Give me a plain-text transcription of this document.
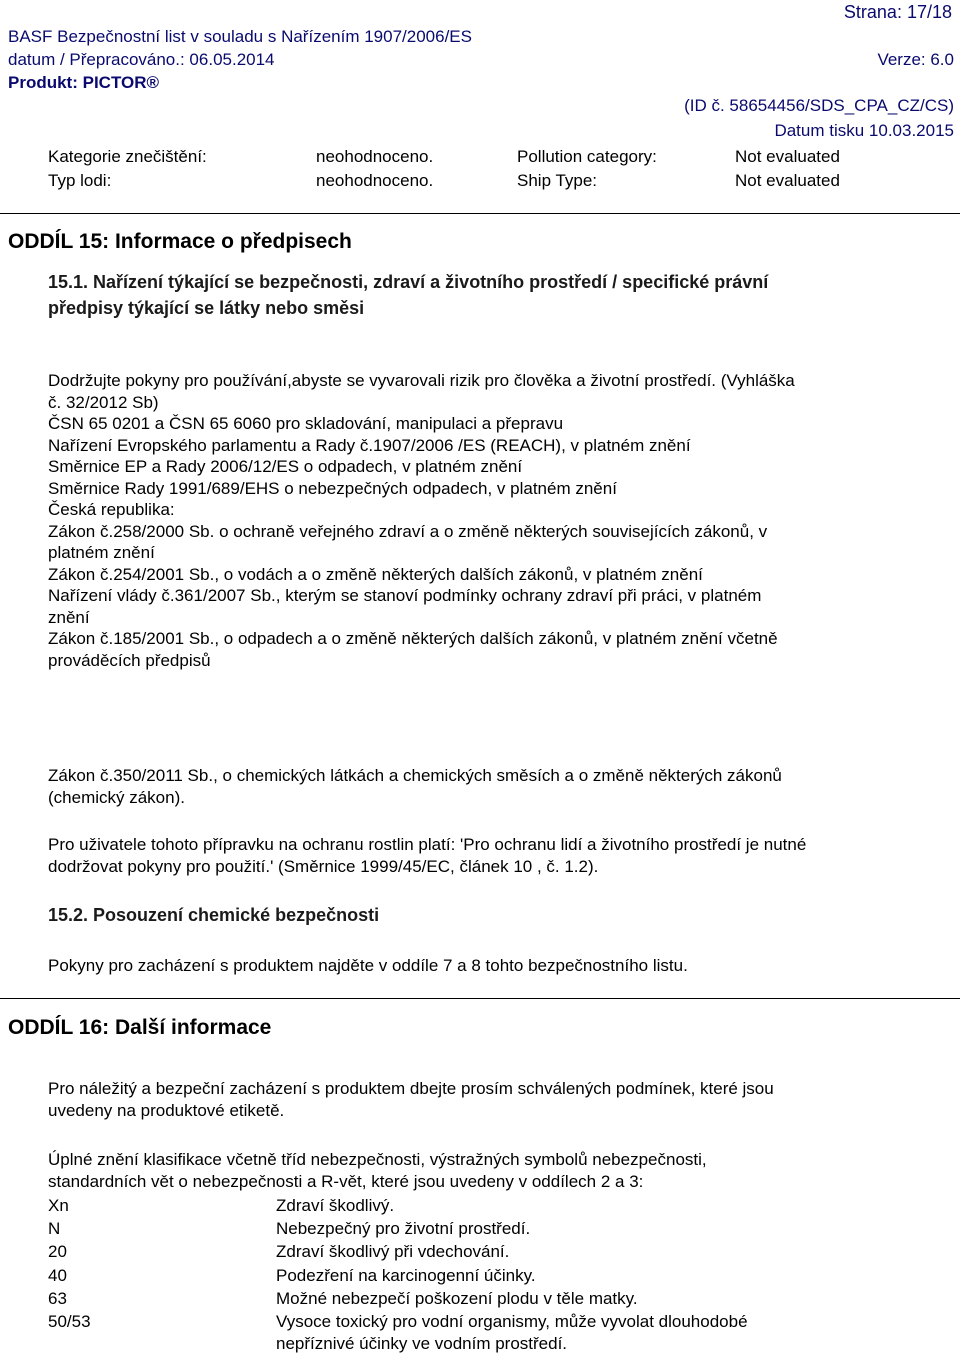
Strana: 17/18
BASF Bezpečnostní list v souladu s Nařízením 1907/2006/ES
datum / Přepracováno.: 06.05.2014	Verze: 6.0
Produkt: PICTOR®
(ID č. 58654456/SDS_CPA_CZ/CS)
Datum tisku 10.03.2015
Kategorie znečištění:	neohodnoceno.	Pollution category:	Not evaluated
Typ lodi:	neohodnoceno.	Ship Type:	Not evaluated
ODDÍL 15: Informace o předpisech
15.1. Nařízení týkající se bezpečnosti, zdraví a životního prostředí / specifické právní
předpisy týkající se látky nebo směsi
Dodržujte pokyny pro používání,abyste se vyvarovali rizik pro člověka a životní prostředí. (Vyhláška
č. 32/2012 Sb)
ČSN 65 0201 a ČSN 65 6060 pro skladování, manipulaci a přepravu
Nařízení Evropského parlamentu a Rady č.1907/2006 /ES (REACH), v platném znění
Směrnice EP a Rady 2006/12/ES o odpadech, v platném znění
Směrnice Rady 1991/689/EHS o nebezpečných odpadech, v platném znění
Česká republika:
Zákon č.258/2000 Sb. o ochraně veřejného zdraví a o změně některých souvisejících zákonů, v
platném znění
Zákon č.254/2001 Sb., o vodách a o změně některých dalších zákonů, v platném znění
Nařízení vlády č.361/2007 Sb., kterým se stanoví podmínky ochrany zdraví při práci, v platném
znění
Zákon č.185/2001 Sb., o odpadech a o změně některých dalších zákonů, v platném znění včetně
prováděcích předpisů
Zákon č.350/2011 Sb., o chemických látkách a chemických směsích a o změně některých zákonů
(chemický zákon).
Pro uživatele tohoto přípravku na ochranu rostlin platí: 'Pro ochranu lidí a životního prostředí je nutné
dodržovat pokyny pro použití.' (Směrnice 1999/45/EC, článek 10 , č. 1.2).
15.2. Posouzení chemické bezpečnosti
Pokyny pro zacházení s produktem najděte v oddíle 7 a 8 tohto bezpečnostního listu.
ODDÍL 16: Další informace
Pro náležitý a bezpeční zacházení s produktem dbejte prosím schválených podmínek, které jsou
uvedeny na produktové etiketě.
Úplné znění klasifikace včetně tříd nebezpečnosti, výstražných symbolů nebezpečnosti,
standardních vět o nebezpečnosti a R-vět, které jsou uvedeny v oddílech 2 a 3:
Xn	Zdraví škodlivý.
N	Nebezpečný pro životní prostředí.
20	Zdraví škodlivý při vdechování.
40	Podezření na karcinogenní účinky.
63	Možné nebezpečí poškození plodu v těle matky.
50/53	Vysoce toxický pro vodní organismy, může vyvolat dlouhodobé
nepříznivé účinky ve vodním prostředí.
